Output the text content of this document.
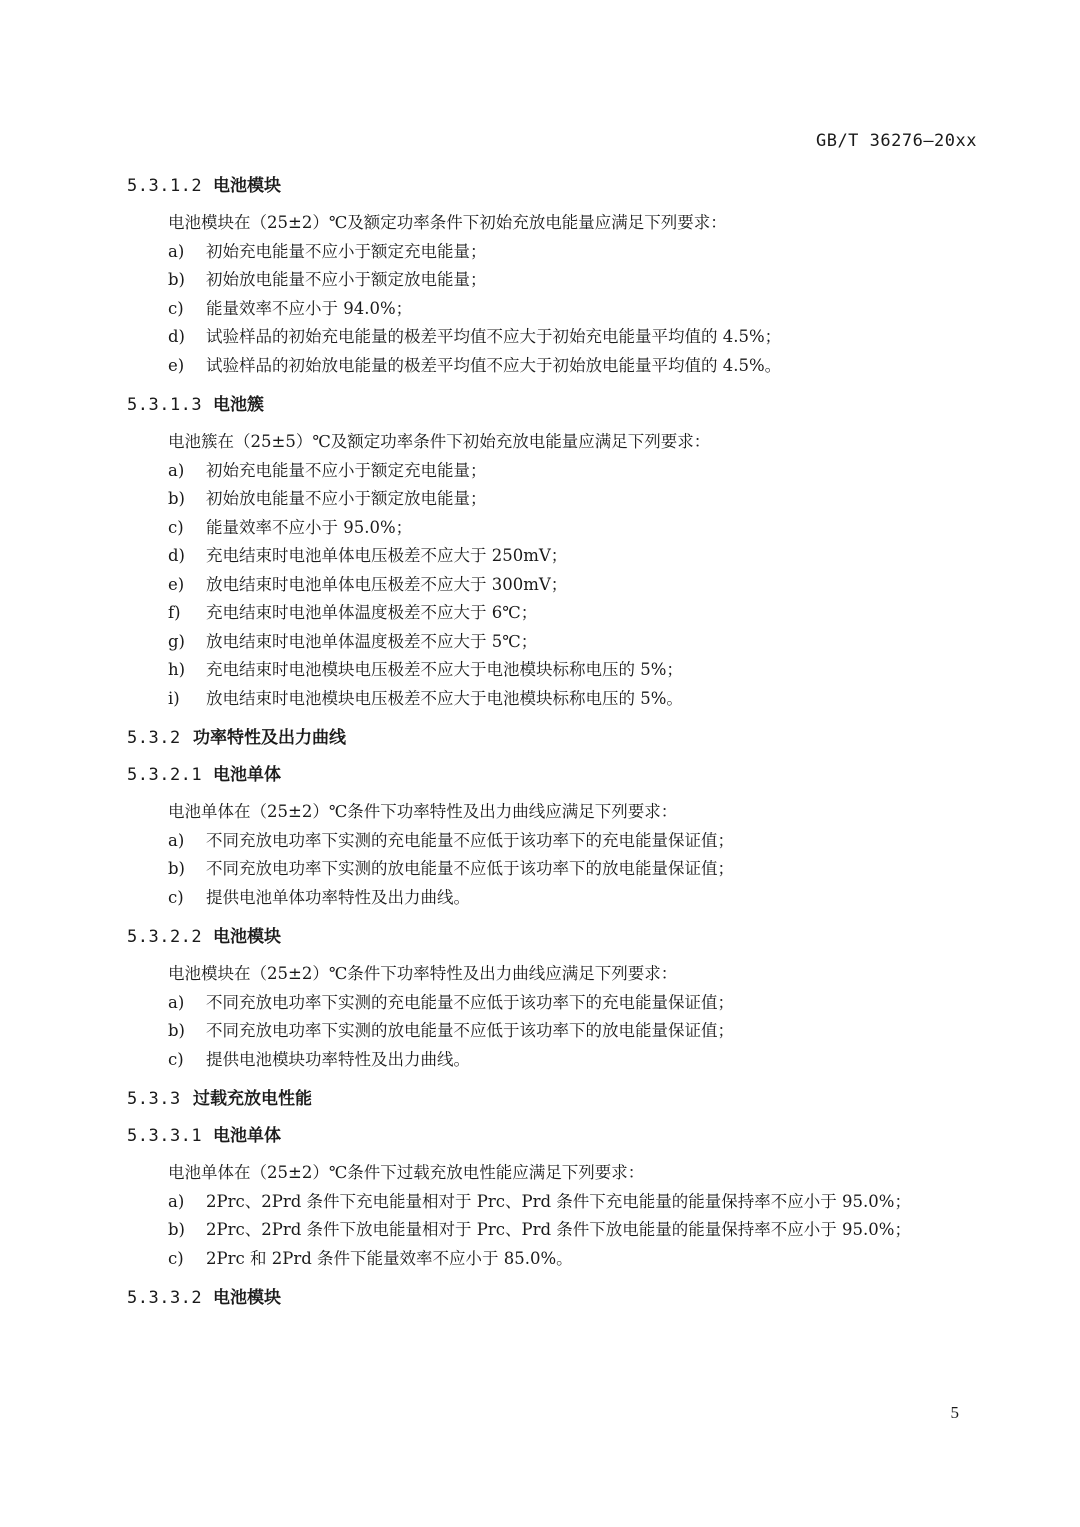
GB/T 36276—20xx
5.3.1.2 电池模块
电池模块在（25±2）℃及额定功率条件下初始充放电能量应满足下列要求：
a)	初始充电能量不应小于额定充电能量；
b)	初始放电能量不应小于额定放电能量；
c)	能量效率不应小于 94.0%；
d)	试验样品的初始充电能量的极差平均值不应大于初始充电能量平均值的 4.5%；
e)	试验样品的初始放电能量的极差平均值不应大于初始放电能量平均值的 4.5%。
5.3.1.3 电池簇
电池簇在（25±5）℃及额定功率条件下初始充放电能量应满足下列要求：
a)	初始充电能量不应小于额定充电能量；
b)	初始放电能量不应小于额定放电能量；
c)	能量效率不应小于 95.0%；
d)	充电结束时电池单体电压极差不应大于 250mV；
e)	放电结束时电池单体电压极差不应大于 300mV；
f)	充电结束时电池单体温度极差不应大于 6℃；
g)	放电结束时电池单体温度极差不应大于 5℃；
h)	充电结束时电池模块电压极差不应大于电池模块标称电压的 5%；
i)	放电结束时电池模块电压极差不应大于电池模块标称电压的 5%。
5.3.2 功率特性及出力曲线
5.3.2.1 电池单体
电池单体在（25±2）℃条件下功率特性及出力曲线应满足下列要求：
a)	不同充放电功率下实测的充电能量不应低于该功率下的充电能量保证值；
b)	不同充放电功率下实测的放电能量不应低于该功率下的放电能量保证值；
c)	提供电池单体功率特性及出力曲线。
5.3.2.2 电池模块
电池模块在（25±2）℃条件下功率特性及出力曲线应满足下列要求：
a)	不同充放电功率下实测的充电能量不应低于该功率下的充电能量保证值；
b)	不同充放电功率下实测的放电能量不应低于该功率下的放电能量保证值；
c)	提供电池模块功率特性及出力曲线。
5.3.3 过载充放电性能
5.3.3.1 电池单体
电池单体在（25±2）℃条件下过载充放电性能应满足下列要求：
a)	2Prc、2Prd 条件下充电能量相对于 Prc、Prd 条件下充电能量的能量保持率不应小于 95.0%；
b)	2Prc、2Prd 条件下放电能量相对于 Prc、Prd 条件下放电能量的能量保持率不应小于 95.0%；
c)	2Prc 和 2Prd 条件下能量效率不应小于 85.0%。
5.3.3.2 电池模块
5
